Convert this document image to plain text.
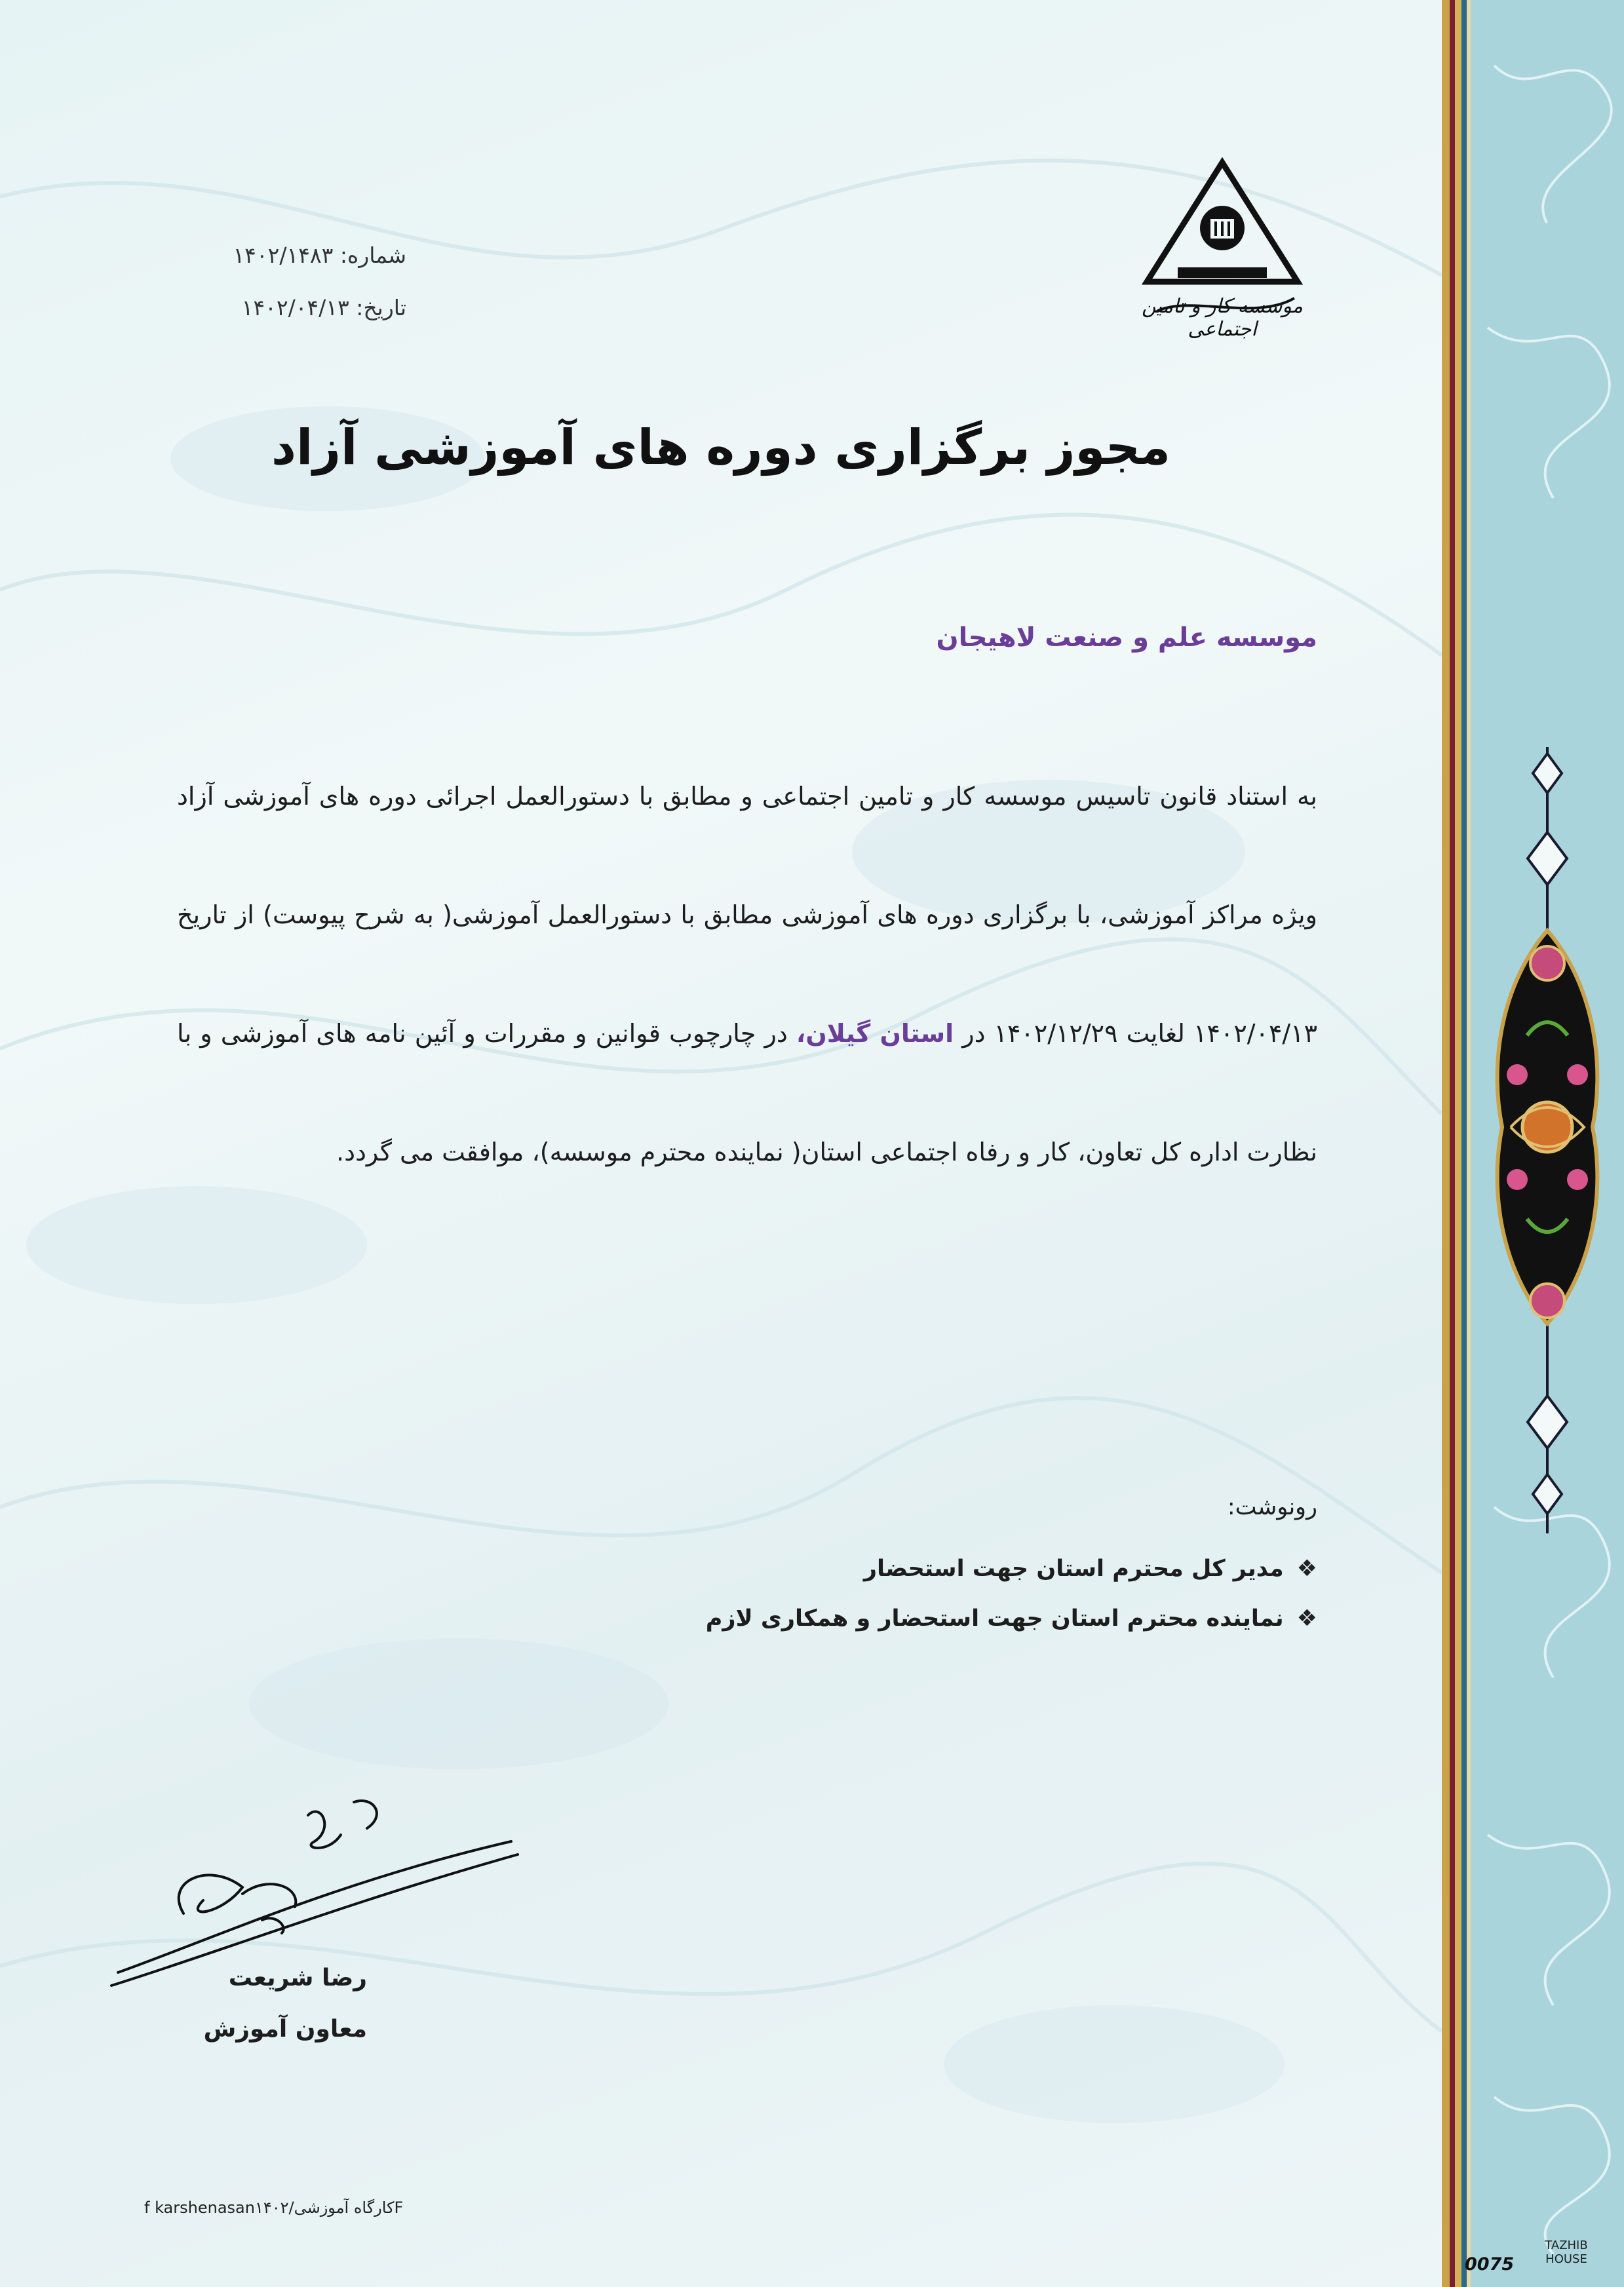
موسسه کار و تامین اجتماعی
شماره: ۱۴۰۲/۱۴۸۳
تاریخ: ۱۴۰۲/۰۴/۱۳
مجوز برگزاری دوره های آموزشی آزاد
موسسه علم و صنعت لاهیجان

به استناد قانون تاسیس موسسه کار و تامین اجتماعی و مطابق با دستورالعمل اجرائی دوره های آموزشی آزاد ویژه مراکز آموزشی، با برگزاری دوره های آموزشی مطابق با دستورالعمل آموزشی( به شرح پیوست) از تاریخ ۱۴۰۲/۰۴/۱۳ لغایت ۱۴۰۲/۱۲/۲۹ در استان گیلان، در چارچوب قوانین و مقررات و آئین نامه های آموزشی و با نظارت اداره کل تعاون، کار و رفاه اجتماعی استان( نماینده محترم موسسه)، موافقت می گردد.

رونوشت:
❖مدیر کل محترم استان جهت استحضار
❖نماینده محترم استان جهت استحضار و همکاری لازم
رضا شریعت
معاون آموزش
f karshenasanکارگاه آموزشی/۱۴۰۲F
0075
TAZHIB HOUSE
